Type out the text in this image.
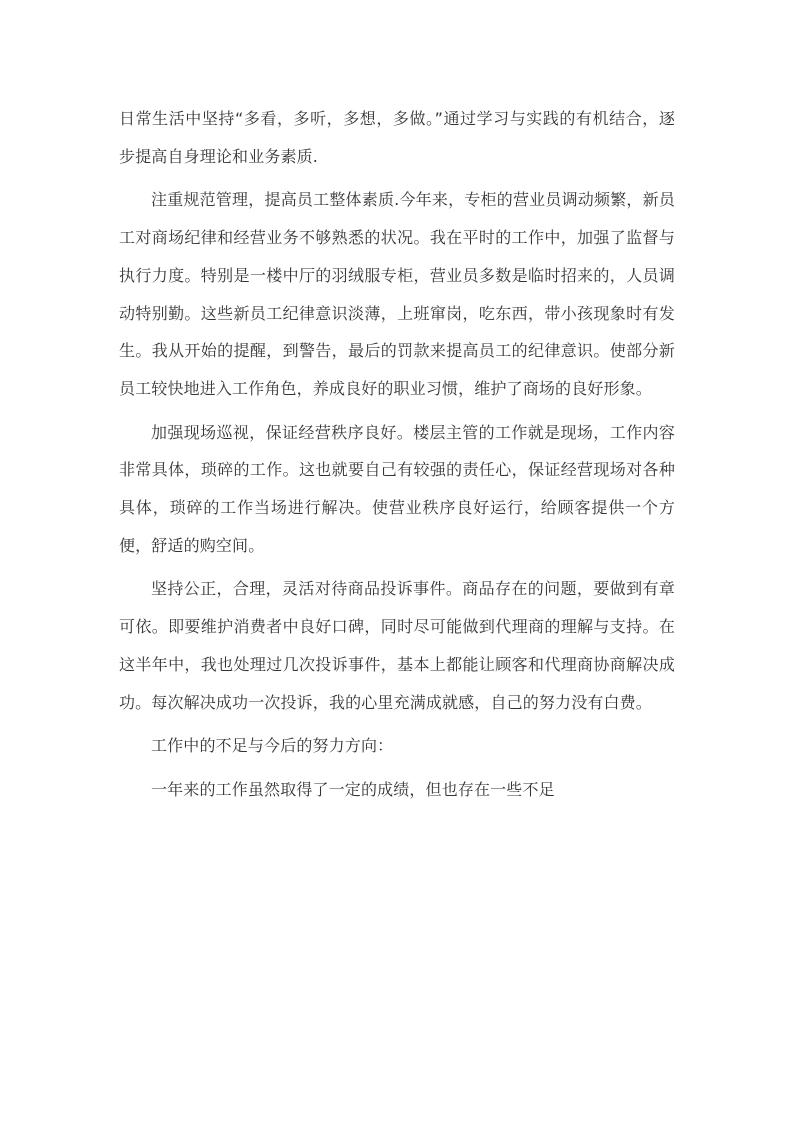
日常生活中坚持“多看，多听，多想，多做。”通过学习与实践的有机结合，逐步提高自身理论和业务素质.

注重规范管理，提高员工整体素质.今年来，专柜的营业员调动频繁，新员工对商场纪律和经营业务不够熟悉的状况。我在平时的工作中，加强了监督与执行力度。特别是一楼中厅的羽绒服专柜，营业员多数是临时招来的，人员调动特别勤。这些新员工纪律意识淡薄，上班窜岗，吃东西，带小孩现象时有发生。我从开始的提醒，到警告，最后的罚款来提高员工的纪律意识。使部分新员工较快地进入工作角色，养成良好的职业习惯，维护了商场的良好形象。

加强现场巡视，保证经营秩序良好。楼层主管的工作就是现场，工作内容非常具体，琐碎的工作。这也就要自己有较强的责任心，保证经营现场对各种具体，琐碎的工作当场进行解决。使营业秩序良好运行，给顾客提供一个方便，舒适的购空间。

坚持公正，合理，灵活对待商品投诉事件。商品存在的问题，要做到有章可依。即要维护消费者中良好口碑，同时尽可能做到代理商的理解与支持。在这半年中，我也处理过几次投诉事件，基本上都能让顾客和代理商协商解决成功。每次解决成功一次投诉，我的心里充满成就感，自己的努力没有白费。

工作中的不足与今后的努力方向：

一年来的工作虽然取得了一定的成绩，但也存在一些不足
